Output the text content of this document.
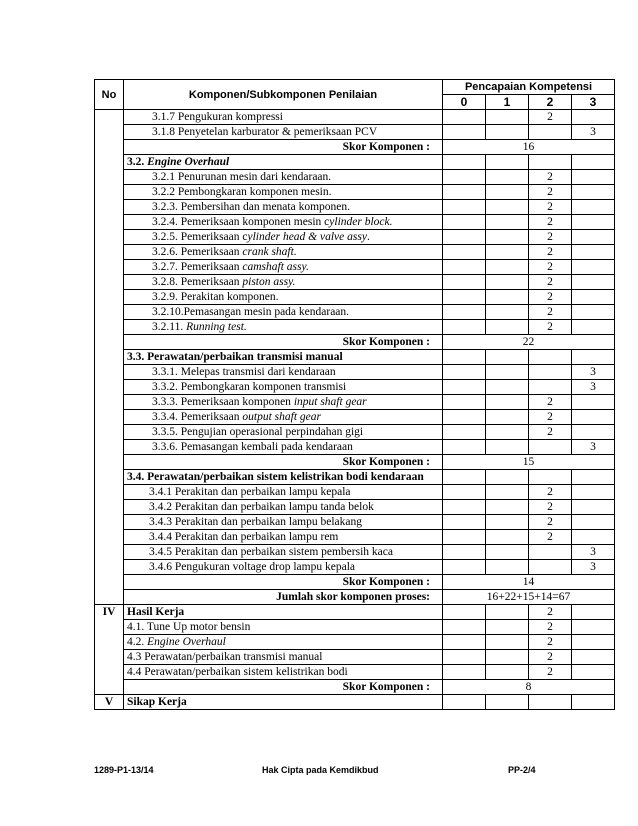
No	Komponen/Subkomponen Penilaian	Pencapaian Kompetensi			
		0	1	2	3
	3.1.7 Pengukuran kompressi			2	
	3.1.8 Penyetelan karburator & pemeriksaan PCV				3
	Skor Komponen :	16			
	3.2. Engine Overhaul				
	3.2.1 Penurunan mesin dari kendaraan.			2	
	3.2.2 Pembongkaran komponen mesin.			2	
	3.2.3. Pembersihan dan menata komponen.			2	
	3.2.4. Pemeriksaan komponen mesin cylinder block.			2	
	3.2.5. Pemeriksaan cylinder head & valve assy.			2	
	3.2.6. Pemeriksaan crank shaft.			2	
	3.2.7. Pemeriksaan camshaft assy.			2	
	3.2.8. Pemeriksaan piston assy.			2	
	3.2.9. Perakitan komponen.			2	
	3.2.10.Pemasangan mesin pada kendaraan.			2	
	3.2.11. Running test.			2	
	Skor Komponen :	22			
	3.3. Perawatan/perbaikan transmisi manual				
	3.3.1. Melepas transmisi dari kendaraan				3
	3.3.2. Pembongkaran komponen transmisi				3
	3.3.3. Pemeriksaan komponen input shaft gear			2	
	3.3.4. Pemeriksaan output shaft gear			2	
	3.3.5. Pengujian operasional perpindahan gigi			2	
	3.3.6. Pemasangan kembali pada kendaraan				3
	Skor Komponen :	15			
	3.4. Perawatan/perbaikan sistem kelistrikan bodi kendaraan				
	3.4.1 Perakitan dan perbaikan lampu kepala			2	
	3.4.2 Perakitan dan perbaikan lampu tanda belok			2	
	3.4.3 Perakitan dan perbaikan lampu belakang			2	
	3.4.4 Perakitan dan perbaikan lampu rem			2	
	3.4.5 Perakitan dan perbaikan sistem pembersih kaca				3
	3.4.6 Pengukuran voltage drop lampu kepala				3
	Skor Komponen :	14			
	Jumlah skor komponen proses:	16+22+15+14=67			
IV	Hasil Kerja			2	
	4.1. Tune Up motor bensin			2	
	4.2. Engine Overhaul			2	
	4.3 Perawatan/perbaikan transmisi manual			2	
	4.4 Perawatan/perbaikan sistem kelistrikan bodi			2	
	Skor Komponen :	8			
V	Sikap Kerja				
1289-P1-13/14	Hak Cipta pada Kemdikbud	PP-2/4
